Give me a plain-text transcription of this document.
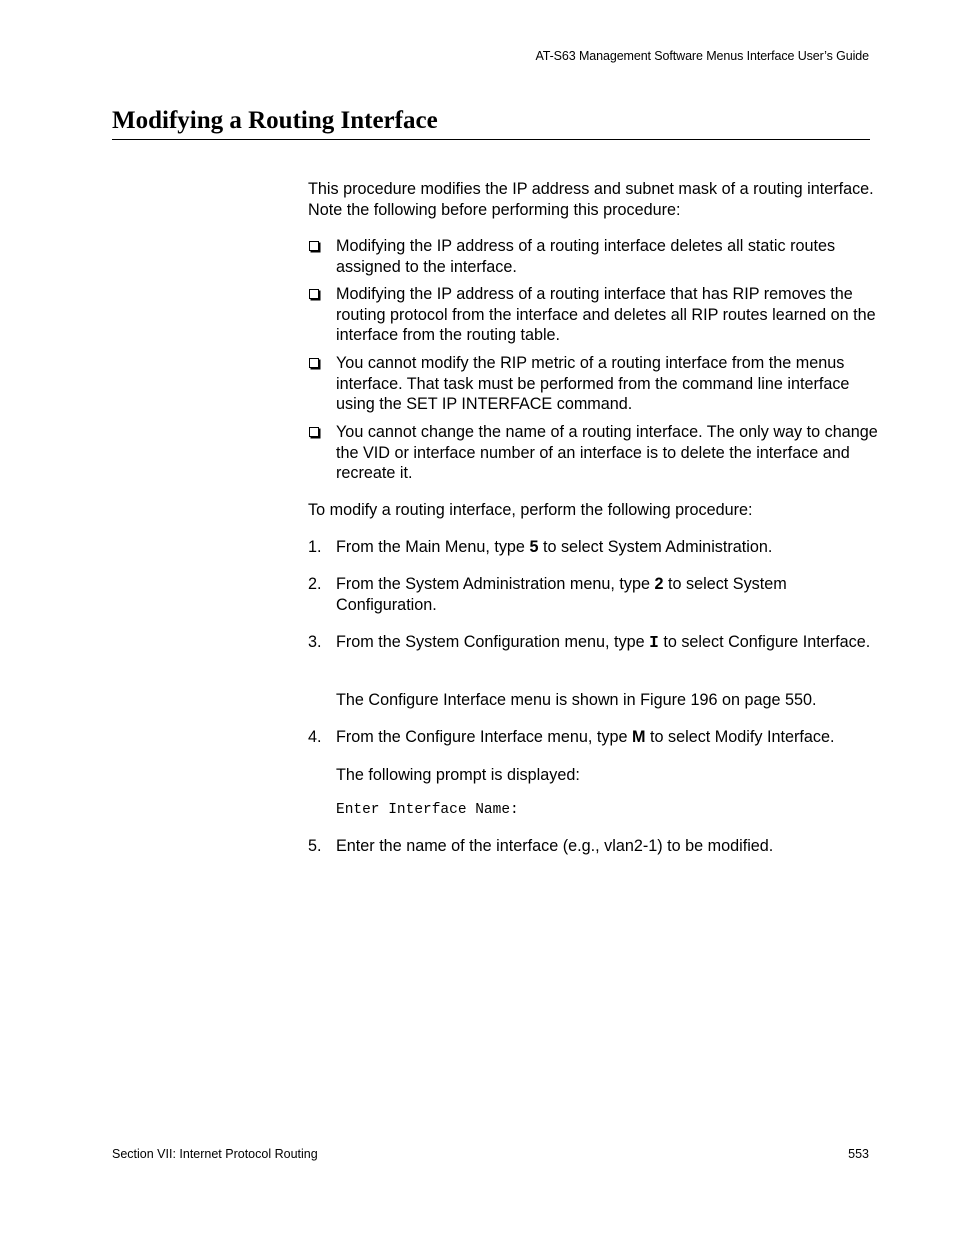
AT-S63 Management Software Menus Interface User’s Guide
Modifying a Routing Interface

This procedure modifies the IP address and subnet mask of a routing interface. Note the following before performing this procedure:

Modifying the IP address of a routing interface deletes all static routes assigned to the interface.
Modifying the IP address of a routing interface that has RIP removes the routing protocol from the interface and deletes all RIP routes learned on the interface from the routing table.
You cannot modify the RIP metric of a routing interface from the menus interface. That task must be performed from the command line interface using the SET IP INTERFACE command.
You cannot change the name of a routing interface. The only way to change the VID or interface number of an interface is to delete the interface and recreate it.

To modify a routing interface, perform the following procedure:

1. From the Main Menu, type 5 to select System Administration.
2. From the System Administration menu, type 2 to select System Configuration.
3. From the System Configuration menu, type I to select Configure Interface.
The Configure Interface menu is shown in Figure 196 on page 550.
4. From the Configure Interface menu, type M to select Modify Interface.
The following prompt is displayed:
Enter Interface Name:
5. Enter the name of the interface (e.g., vlan2-1) to be modified.
Section VII: Internet Protocol Routing	553
